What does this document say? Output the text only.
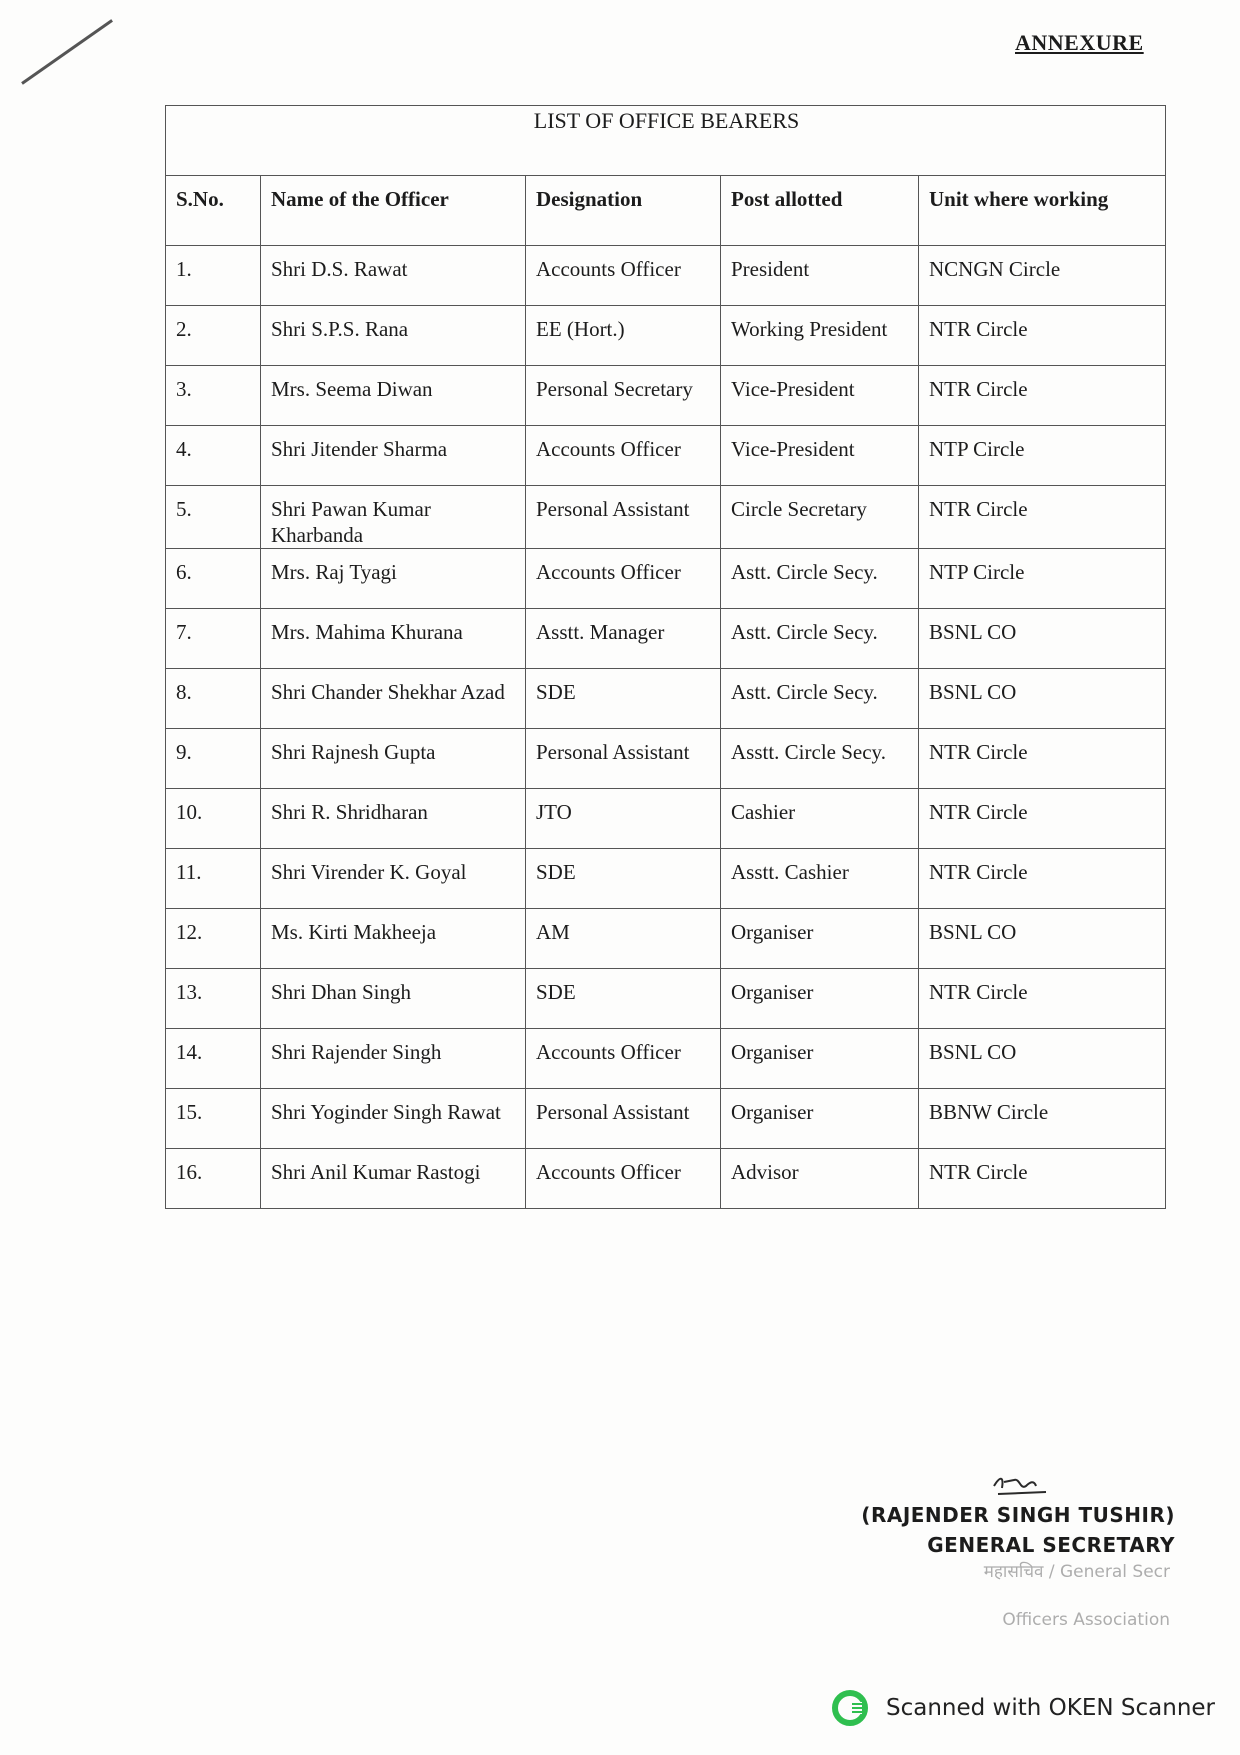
ANNEXURE
LIST OF OFFICE BEARERS				
S.No.	Name of the Officer	Designation	Post allotted	Unit where working
1.	Shri D.S. Rawat	Accounts Officer	President	NCNGN Circle
2.	Shri S.P.S. Rana	EE (Hort.)	Working President	NTR Circle
3.	Mrs. Seema Diwan	Personal Secretary	Vice-President	NTR Circle
4.	Shri Jitender Sharma	Accounts Officer	Vice-President	NTP Circle
5.	Shri Pawan Kumar Kharbanda	Personal Assistant	Circle Secretary	NTR Circle
6.	Mrs. Raj Tyagi	Accounts Officer	Astt. Circle Secy.	NTP Circle
7.	Mrs. Mahima Khurana	Asstt. Manager	Astt. Circle Secy.	BSNL CO
8.	Shri Chander Shekhar Azad	SDE	Astt. Circle Secy.	BSNL CO
9.	Shri Rajnesh Gupta	Personal Assistant	Asstt. Circle Secy.	NTR Circle
10.	Shri R. Shridharan	JTO	Cashier	NTR Circle
11.	Shri Virender K. Goyal	SDE	Asstt. Cashier	NTR Circle
12.	Ms. Kirti Makheeja	AM	Organiser	BSNL CO
13.	Shri Dhan Singh	SDE	Organiser	NTR Circle
14.	Shri Rajender Singh	Accounts Officer	Organiser	BSNL CO
15.	Shri Yoginder Singh Rawat	Personal Assistant	Organiser	BBNW Circle
16.	Shri Anil Kumar Rastogi	Accounts Officer	Advisor	NTR Circle
(RAJENDER SINGH TUSHIR)
GENERAL SECRETARY
महासचिव / General Secr

Officers Association
Scanned with OKEN Scanner
